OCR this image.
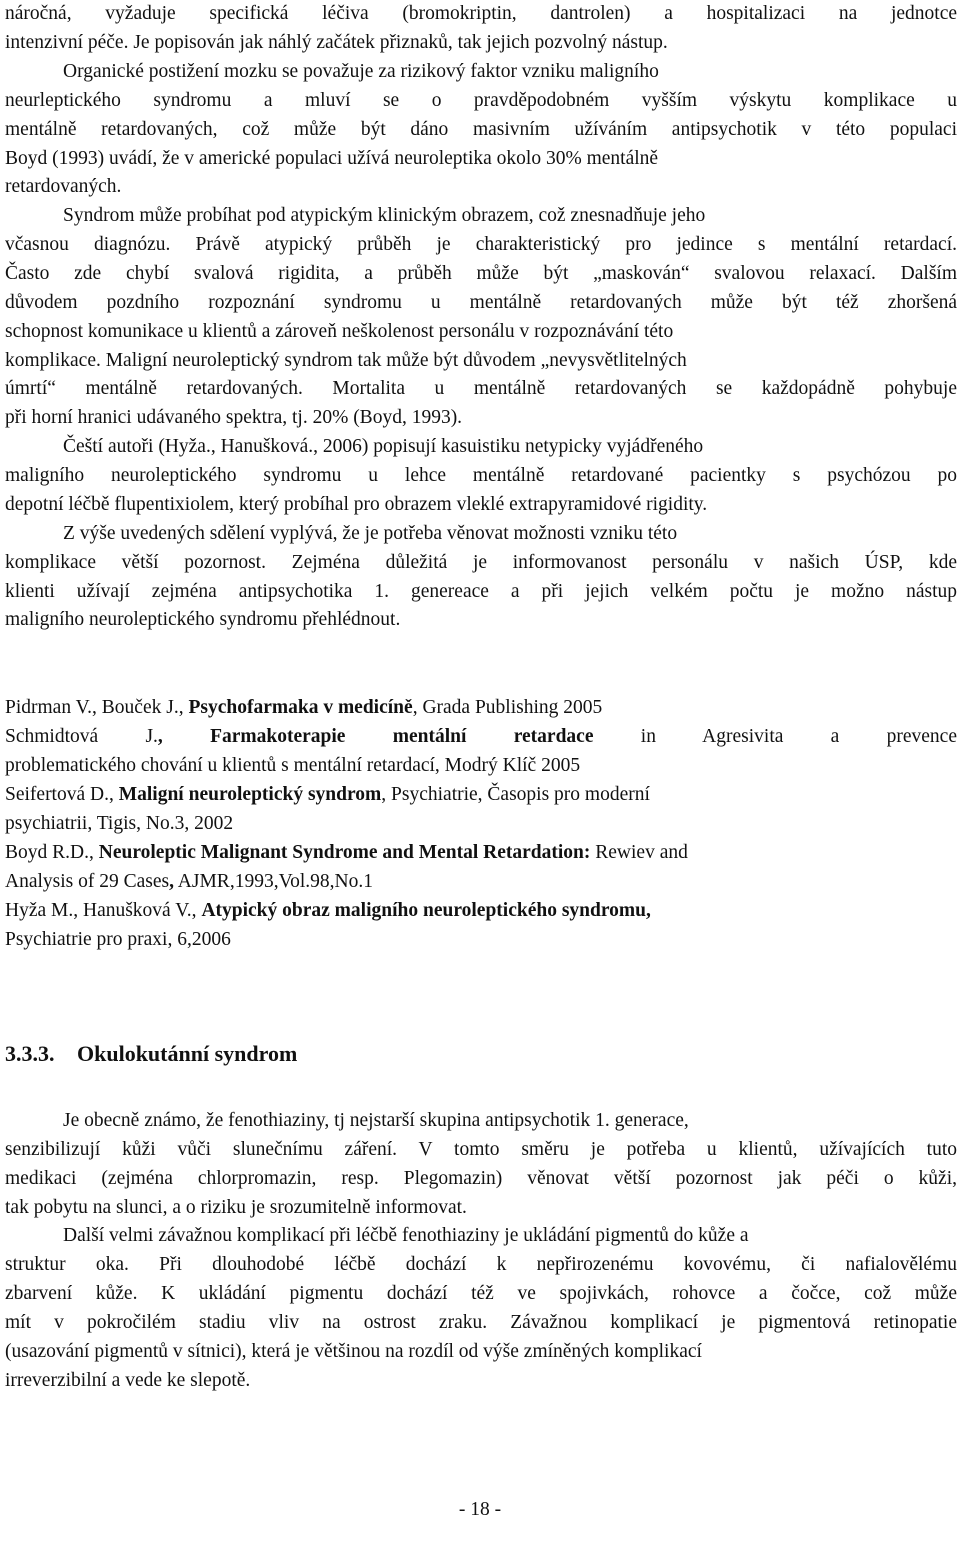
náročná, vyžaduje specifická léčiva (bromokriptin, dantrolen) a hospitalizaci na jednotce
intenzivní péče. Je popisován jak náhlý začátek přiznaků, tak jejich pozvolný nástup.
Organické postižení mozku se považuje za rizikový faktor vzniku maligního
neurleptického syndromu a mluví se o pravděpodobném vyšším výskytu komplikace u
mentálně retardovaných, což může být dáno masivním užíváním antipsychotik v této populaci
Boyd (1993) uvádí, že v americké populaci užívá neuroleptika okolo 30% mentálně
retardovaných.
Syndrom může probíhat pod atypickým klinickým obrazem, což znesnadňuje jeho
včasnou diagnózu. Právě atypický průběh je charakteristický pro jedince s mentální retardací.
Často zde chybí svalová rigidita, a průběh může být „maskován“ svalovou relaxací. Dalším
důvodem pozdního rozpoznání syndromu u mentálně retardovaných může být též zhoršená
schopnost komunikace u klientů a zároveň neškolenost personálu v rozpoznávání této
komplikace. Maligní neuroleptický syndrom tak může být důvodem „nevysvětlitelných
úmrtí“ mentálně retardovaných. Mortalita u mentálně retardovaných se každopádně pohybuje
při horní hranici udávaného spektra, tj. 20% (Boyd, 1993).
Čeští autoři (Hyža., Hanušková., 2006) popisují kasuistiku netypicky vyjádřeného
maligního neuroleptického syndromu u lehce mentálně retardované pacientky s psychózou po
depotní léčbě flupentixiolem, který probíhal pro obrazem vleklé extrapyramidové rigidity.
Z výše uvedených sdělení vyplývá, že je potřeba věnovat možnosti vzniku této
komplikace větší pozornost. Zejména důležitá je informovanost personálu v našich ÚSP, kde
klienti užívají zejména antipsychotika 1. genereace a při jejich velkém počtu je možno nástup
maligního neuroleptického syndromu přehlédnout.
Pidrman V., Bouček J., Psychofarmaka v medicíně, Grada Publishing 2005
Schmidtová J., Farmakoterapie mentální retardace in Agresivita a prevence
problematického chování u klientů s mentální retardací, Modrý Klíč 2005
Seifertová D., Maligní neuroleptický syndrom, Psychiatrie, Časopis pro moderní
psychiatrii, Tigis, No.3, 2002
Boyd R.D., Neuroleptic Malignant Syndrome and Mental Retardation: Rewiev and
Analysis of 29 Cases, AJMR,1993,Vol.98,No.1
Hyža M., Hanušková V., Atypický obraz maligního neuroleptického syndromu,
Psychiatrie pro praxi, 6,2006
3.3.3. Okulokutánní syndrom
Je obecně známo, že fenothiaziny, tj nejstarší skupina antipsychotik 1. generace,
senzibilizují kůži vůči slunečnímu záření. V tomto směru je potřeba u klientů, užívajících tuto
medikaci (zejména chlorpromazin, resp. Plegomazin) věnovat větší pozornost jak péči o kůži,
tak pobytu na slunci, a o riziku je srozumitelně informovat.
Další velmi závažnou komplikací při léčbě fenothiaziny je ukládání pigmentů do kůže a
struktur oka. Při dlouhodobé léčbě dochází k nepřirozenému kovovému, či nafialovělému
zbarvení kůže. K ukládání pigmentu dochází též ve spojivkách, rohovce a čočce, což může
mít v pokročilém stadiu vliv na ostrost zraku. Závažnou komplikací je pigmentová retinopatie
(usazování pigmentů v sítnici), která je většinou na rozdíl od výše zmíněných komplikací
irreverzibilní a vede ke slepotě.
- 18 -
